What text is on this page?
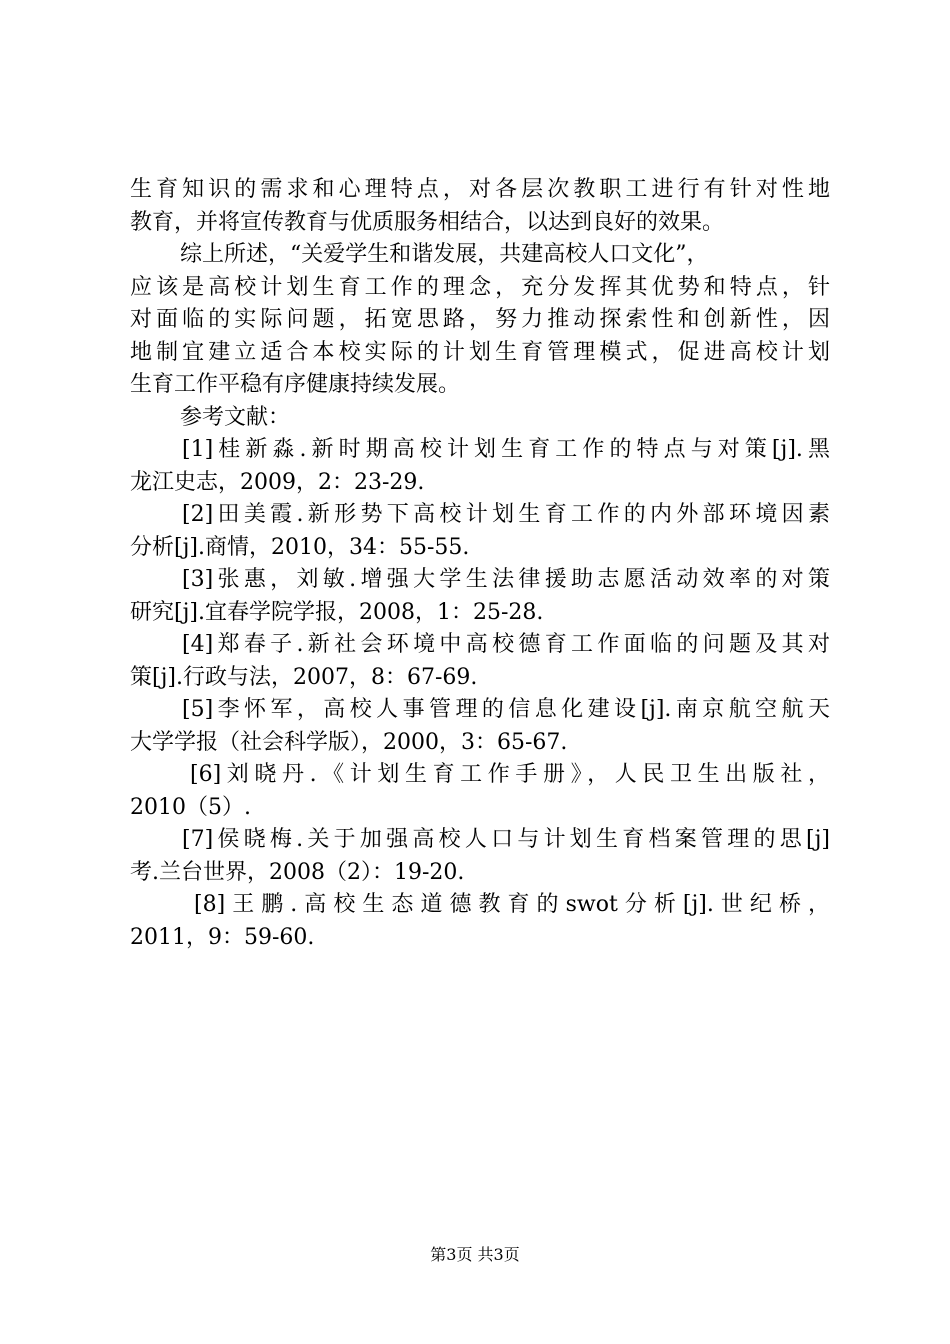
生育知识的需求和心理特点，对各层次教职工进行有针对性地
教育，并将宣传教育与优质服务相结合，以达到良好的效果。
综上所述，“关爱学生和谐发展，共建高校人口文化”，
应该是高校计划生育工作的理念，充分发挥其优势和特点，针
对面临的实际问题，拓宽思路，努力推动探索性和创新性，因
地制宜建立适合本校实际的计划生育管理模式，促进高校计划
生育工作平稳有序健康持续发展。
参考文献：
[1]桂新淼.新时期高校计划生育工作的特点与对策[j].黑
龙江史志，2009，2：23-29.
[2]田美霞.新形势下高校计划生育工作的内外部环境因素
分析[j].商情，2010，34：55-55.
[3]张惠，刘敏.增强大学生法律援助志愿活动效率的对策
研究[j].宜春学院学报，2008，1：25-28.
[4]郑春子.新社会环境中高校德育工作面临的问题及其对
策[j].行政与法，2007，8：67-69.
[5]李怀军，高校人事管理的信息化建设[j].南京航空航天
大学学报（社会科学版），2000，3：65-67.
[6]刘晓丹.《计划生育工作手册》，人民卫生出版社，
2010（5）.
[7]侯晓梅.关于加强高校人口与计划生育档案管理的思[j]
考.兰台世界，2008（2）：19-20.
[8]王鹏.高校生态道德教育的swot分析[j].世纪桥，
2011，9：59-60.
第3页 共3页
